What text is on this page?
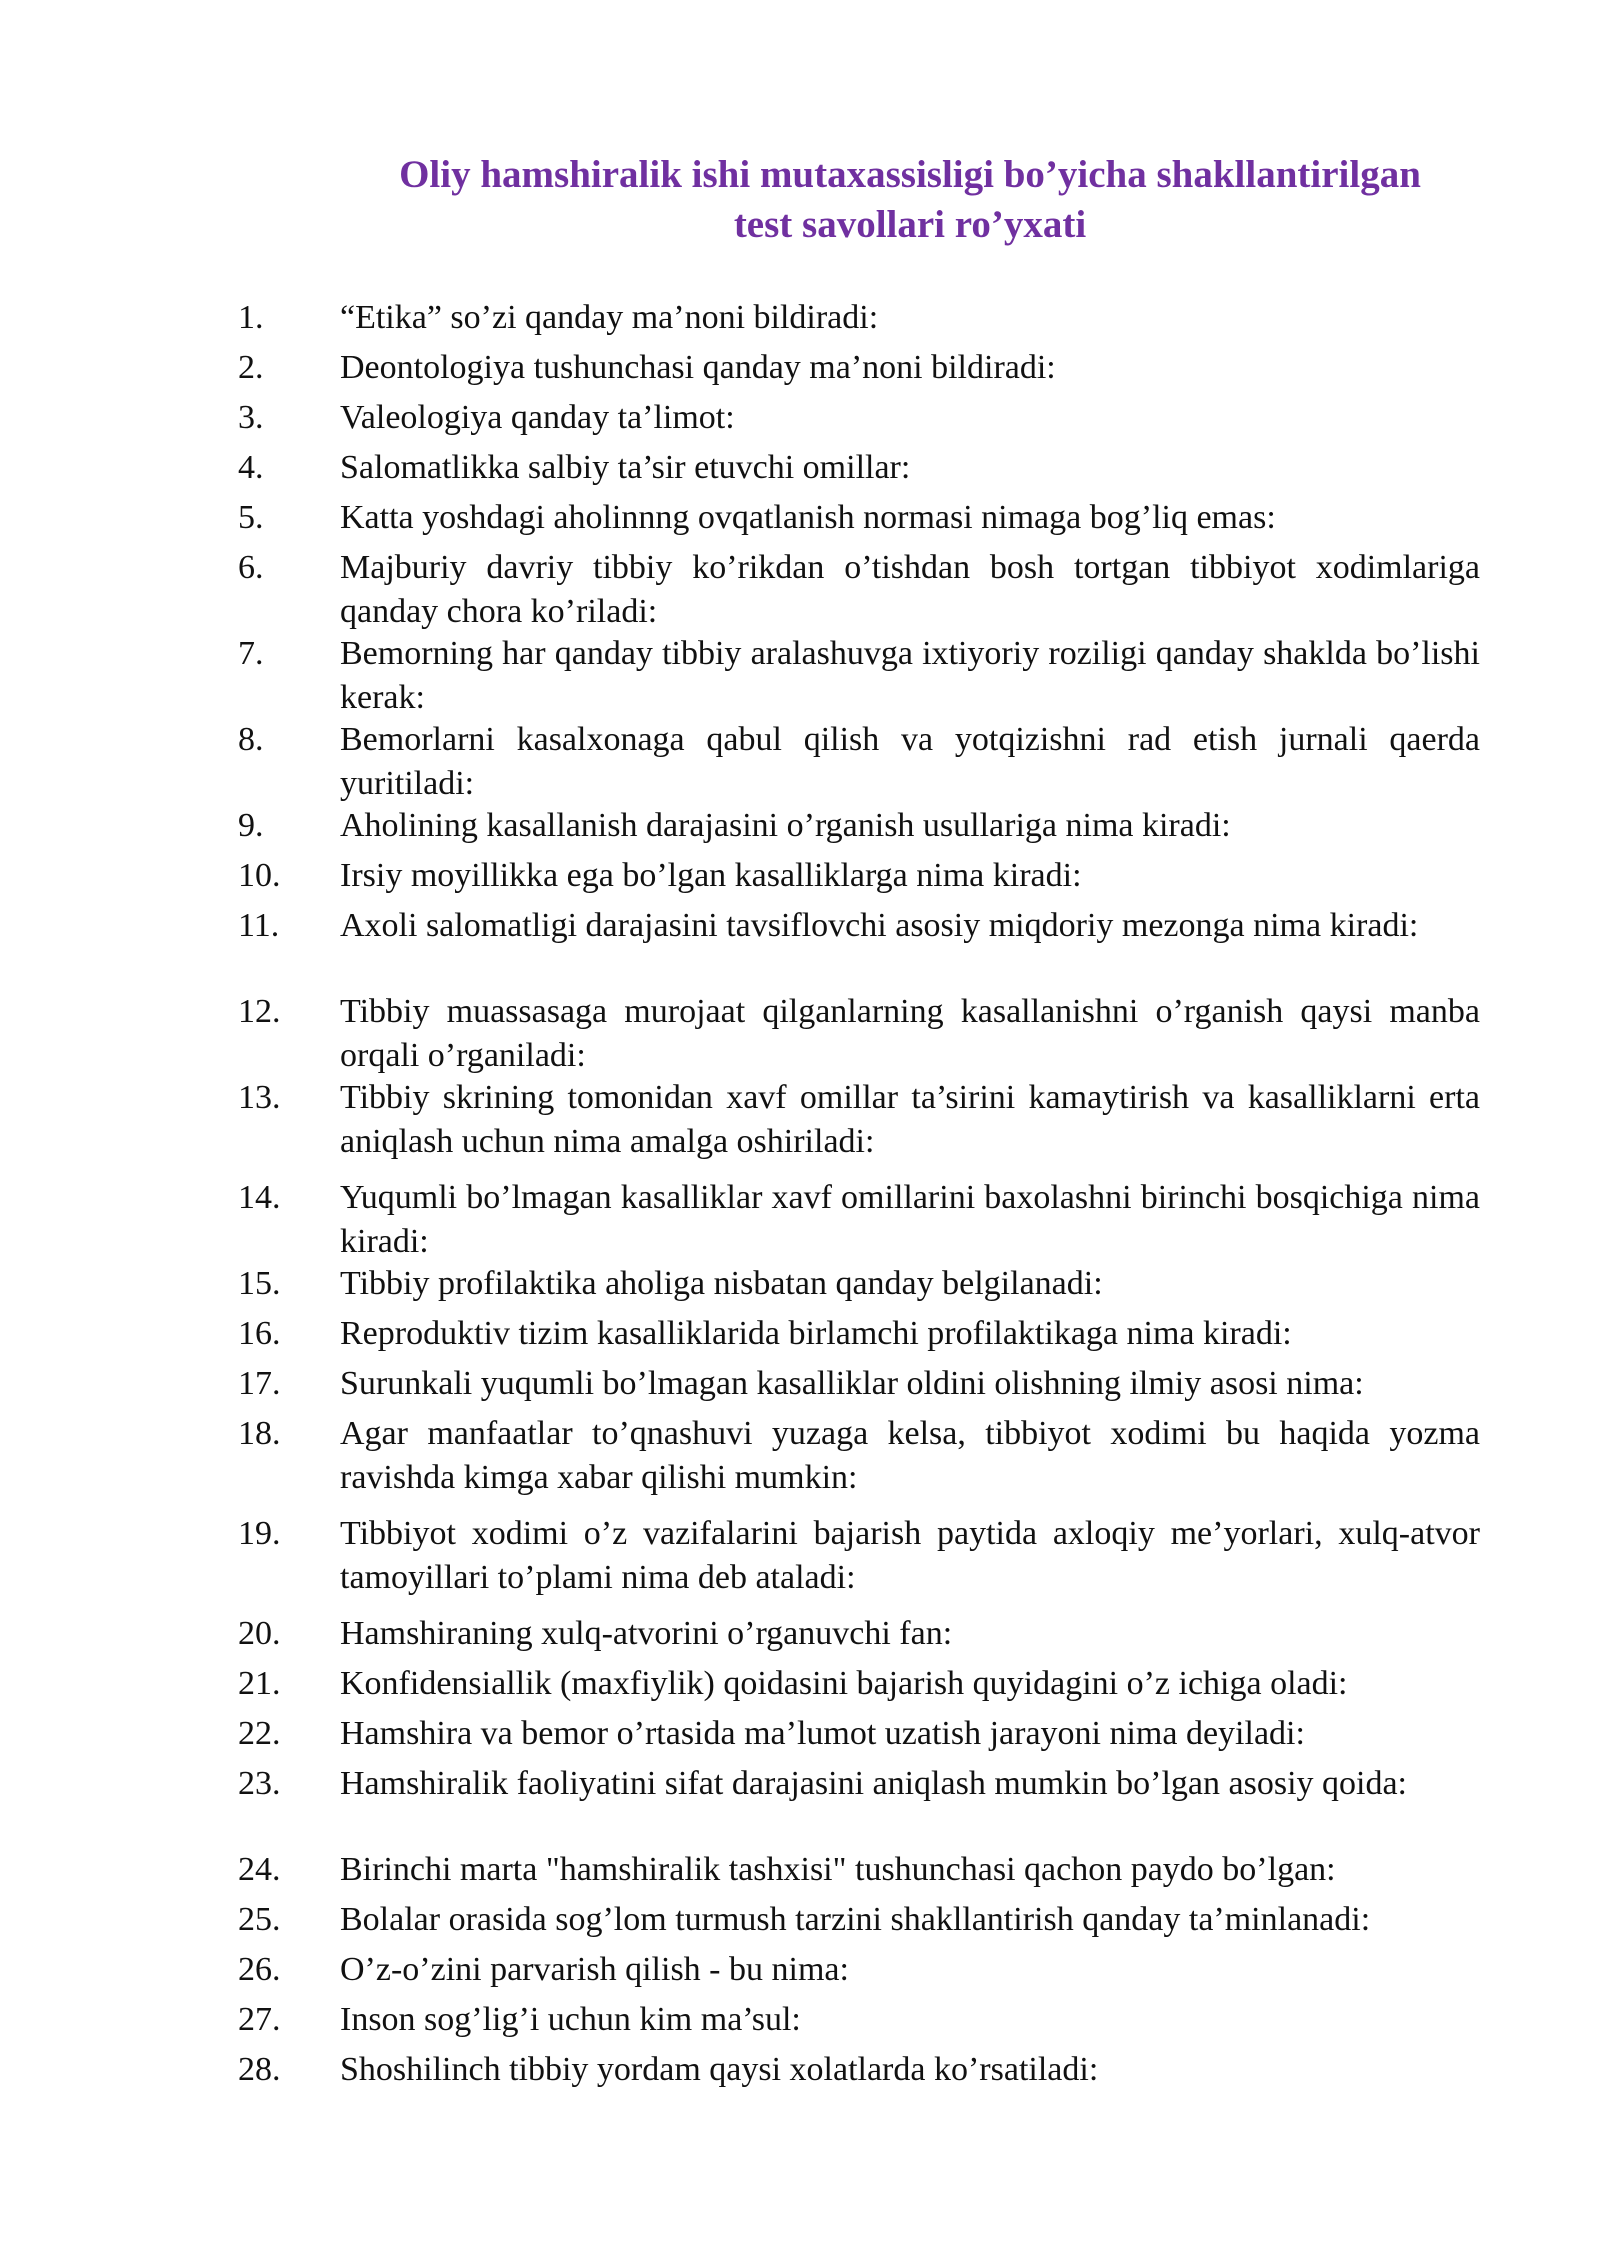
Oliy hamshiralik ishi mutaxassisligi bo’yicha shakllantirilgan
test savollari ro’yxati
1.	“Etika” so’zi qanday ma’noni bildiradi:
2.	Deontologiya tushunchasi qanday ma’noni bildiradi:
3.	Valeologiya qanday ta’limot:
4.	Salomatlikka salbiy ta’sir etuvchi omillar:
5.	Katta yoshdagi aholinnng ovqatlanish normasi nimaga bog’liq emas:
6.	Majburiy davriy tibbiy ko’rikdan o’tishdan bosh tortgan tibbiyot xodimlariga qanday chora ko’riladi:
7.	Bemorning har qanday tibbiy aralashuvga ixtiyoriy roziligi qanday shaklda bo’lishi kerak:
8.	Bemorlarni kasalxonaga qabul qilish va yotqizishni rad etish jurnali qaerda yuritiladi:
9.	Aholining kasallanish darajasini o’rganish usullariga nima kiradi:
10.	Irsiy moyillikka ega bo’lgan kasalliklarga nima kiradi:
11.	Axoli salomatligi darajasini tavsiflovchi asosiy miqdoriy mezonga nima kiradi:
12.	Tibbiy muassasaga murojaat qilganlarning kasallanishni o’rganish qaysi manba orqali o’rganiladi:
13.	Tibbiy skrining tomonidan xavf omillar ta’sirini kamaytirish va kasalliklarni erta aniqlash uchun nima amalga oshiriladi:
14.	Yuqumli bo’lmagan kasalliklar xavf omillarini baxolashni birinchi bosqichiga nima kiradi:
15.	Tibbiy profilaktika aholiga nisbatan qanday belgilanadi:
16.	Reproduktiv tizim kasalliklarida birlamchi profilaktikaga nima kiradi:
17.	Surunkali yuqumli bo’lmagan kasalliklar oldini olishning ilmiy asosi nima:
18.	Agar manfaatlar to’qnashuvi yuzaga kelsa, tibbiyot xodimi bu haqida yozma ravishda kimga xabar qilishi mumkin:
19.	Tibbiyot xodimi o’z vazifalarini bajarish paytida axloqiy me’yorlari, xulq-atvor tamoyillari to’plami nima deb ataladi:
20.	Hamshiraning xulq-atvorini o’rganuvchi fan:
21.	Konfidensiallik (maxfiylik) qoidasini bajarish quyidagini o’z ichiga oladi:
22.	Hamshira va bemor o’rtasida ma’lumot uzatish jarayoni nima deyiladi:
23.	Hamshiralik faoliyatini sifat darajasini aniqlash mumkin bo’lgan asosiy qoida:
24.	Birinchi marta "hamshiralik tashxisi" tushunchasi qachon paydo bo’lgan:
25.	Bolalar orasida sog’lom turmush tarzini shakllantirish qanday ta’minlanadi:
26.	O’z-o’zini parvarish qilish - bu nima:
27.	Inson sog’lig’i uchun kim ma’sul:
28.	Shoshilinch tibbiy yordam qaysi xolatlarda ko’rsatiladi:
